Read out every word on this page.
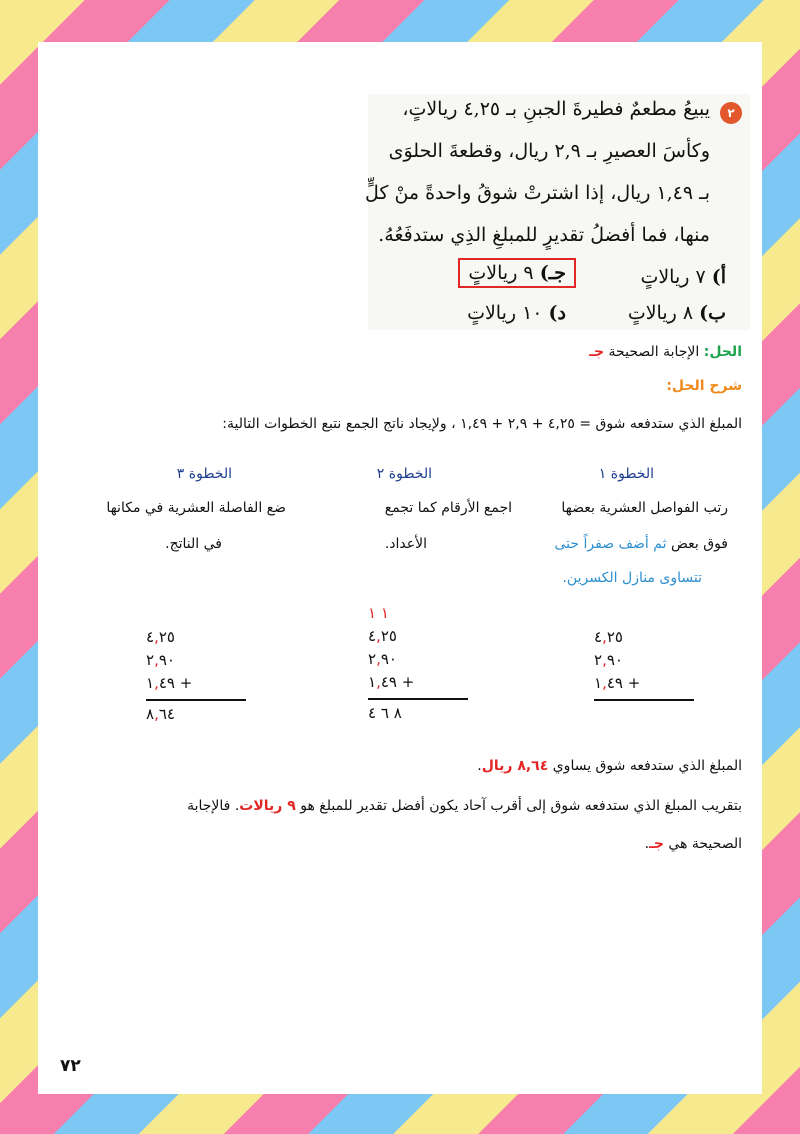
٢
يبيعُ مطعمٌ فطيرةَ الجبنِ بـ ٤,٢٥ ريالاتٍ،
وكأسَ العصيرِ بـ ٢,٩ ريال، وقطعةَ الحلوَى
بـ ١,٤٩ ريال، إذا اشترتْ شوقُ واحدةً منْ كلٍّ
منها، فما أفضلُ تقديرٍ للمبلغِ الذِي ستدفَعُهُ.
أ) ٧ ريالاتٍ
جـ) ٩ ريالاتٍ
ب) ٨ ريالاتٍ
د) ١٠ ريالاتٍ
الحل: الإجابة الصحيحة جـ
شرح الحل:
المبلغ الذي ستدفعه شوق = ٤,٢٥ + ٢,٩ + ١,٤٩ ، ولإيجاد ناتج الجمع نتبع الخطوات التالية:
الخطوة ١
الخطوة ٢
الخطوة ٣
رتب الفواصل العشرية بعضها
فوق بعض ثم أضف صفراً حتى
تتساوى منازل الكسرين.
اجمع الأرقام كما تجمع
الأعداد.
ضع الفاصلة العشرية في مكانها
في الناتج.
٤,٢٥
٢,٩٠
١,٤٩ +
١ ١
٤,٢٥
٢,٩٠
١,٤٩ +
٨ ٦ ٤
٤,٢٥
٢,٩٠
١,٤٩ +
٨,٦٤
المبلغ الذي ستدفعه شوق يساوي ٨,٦٤ ريال.
بتقريب المبلغ الذي ستدفعه شوق إلى أقرب آحاد يكون أفضل تقدير للمبلغ هو ٩ ريالات. فالإجابة
الصحيحة هي جـ.
٧٢
